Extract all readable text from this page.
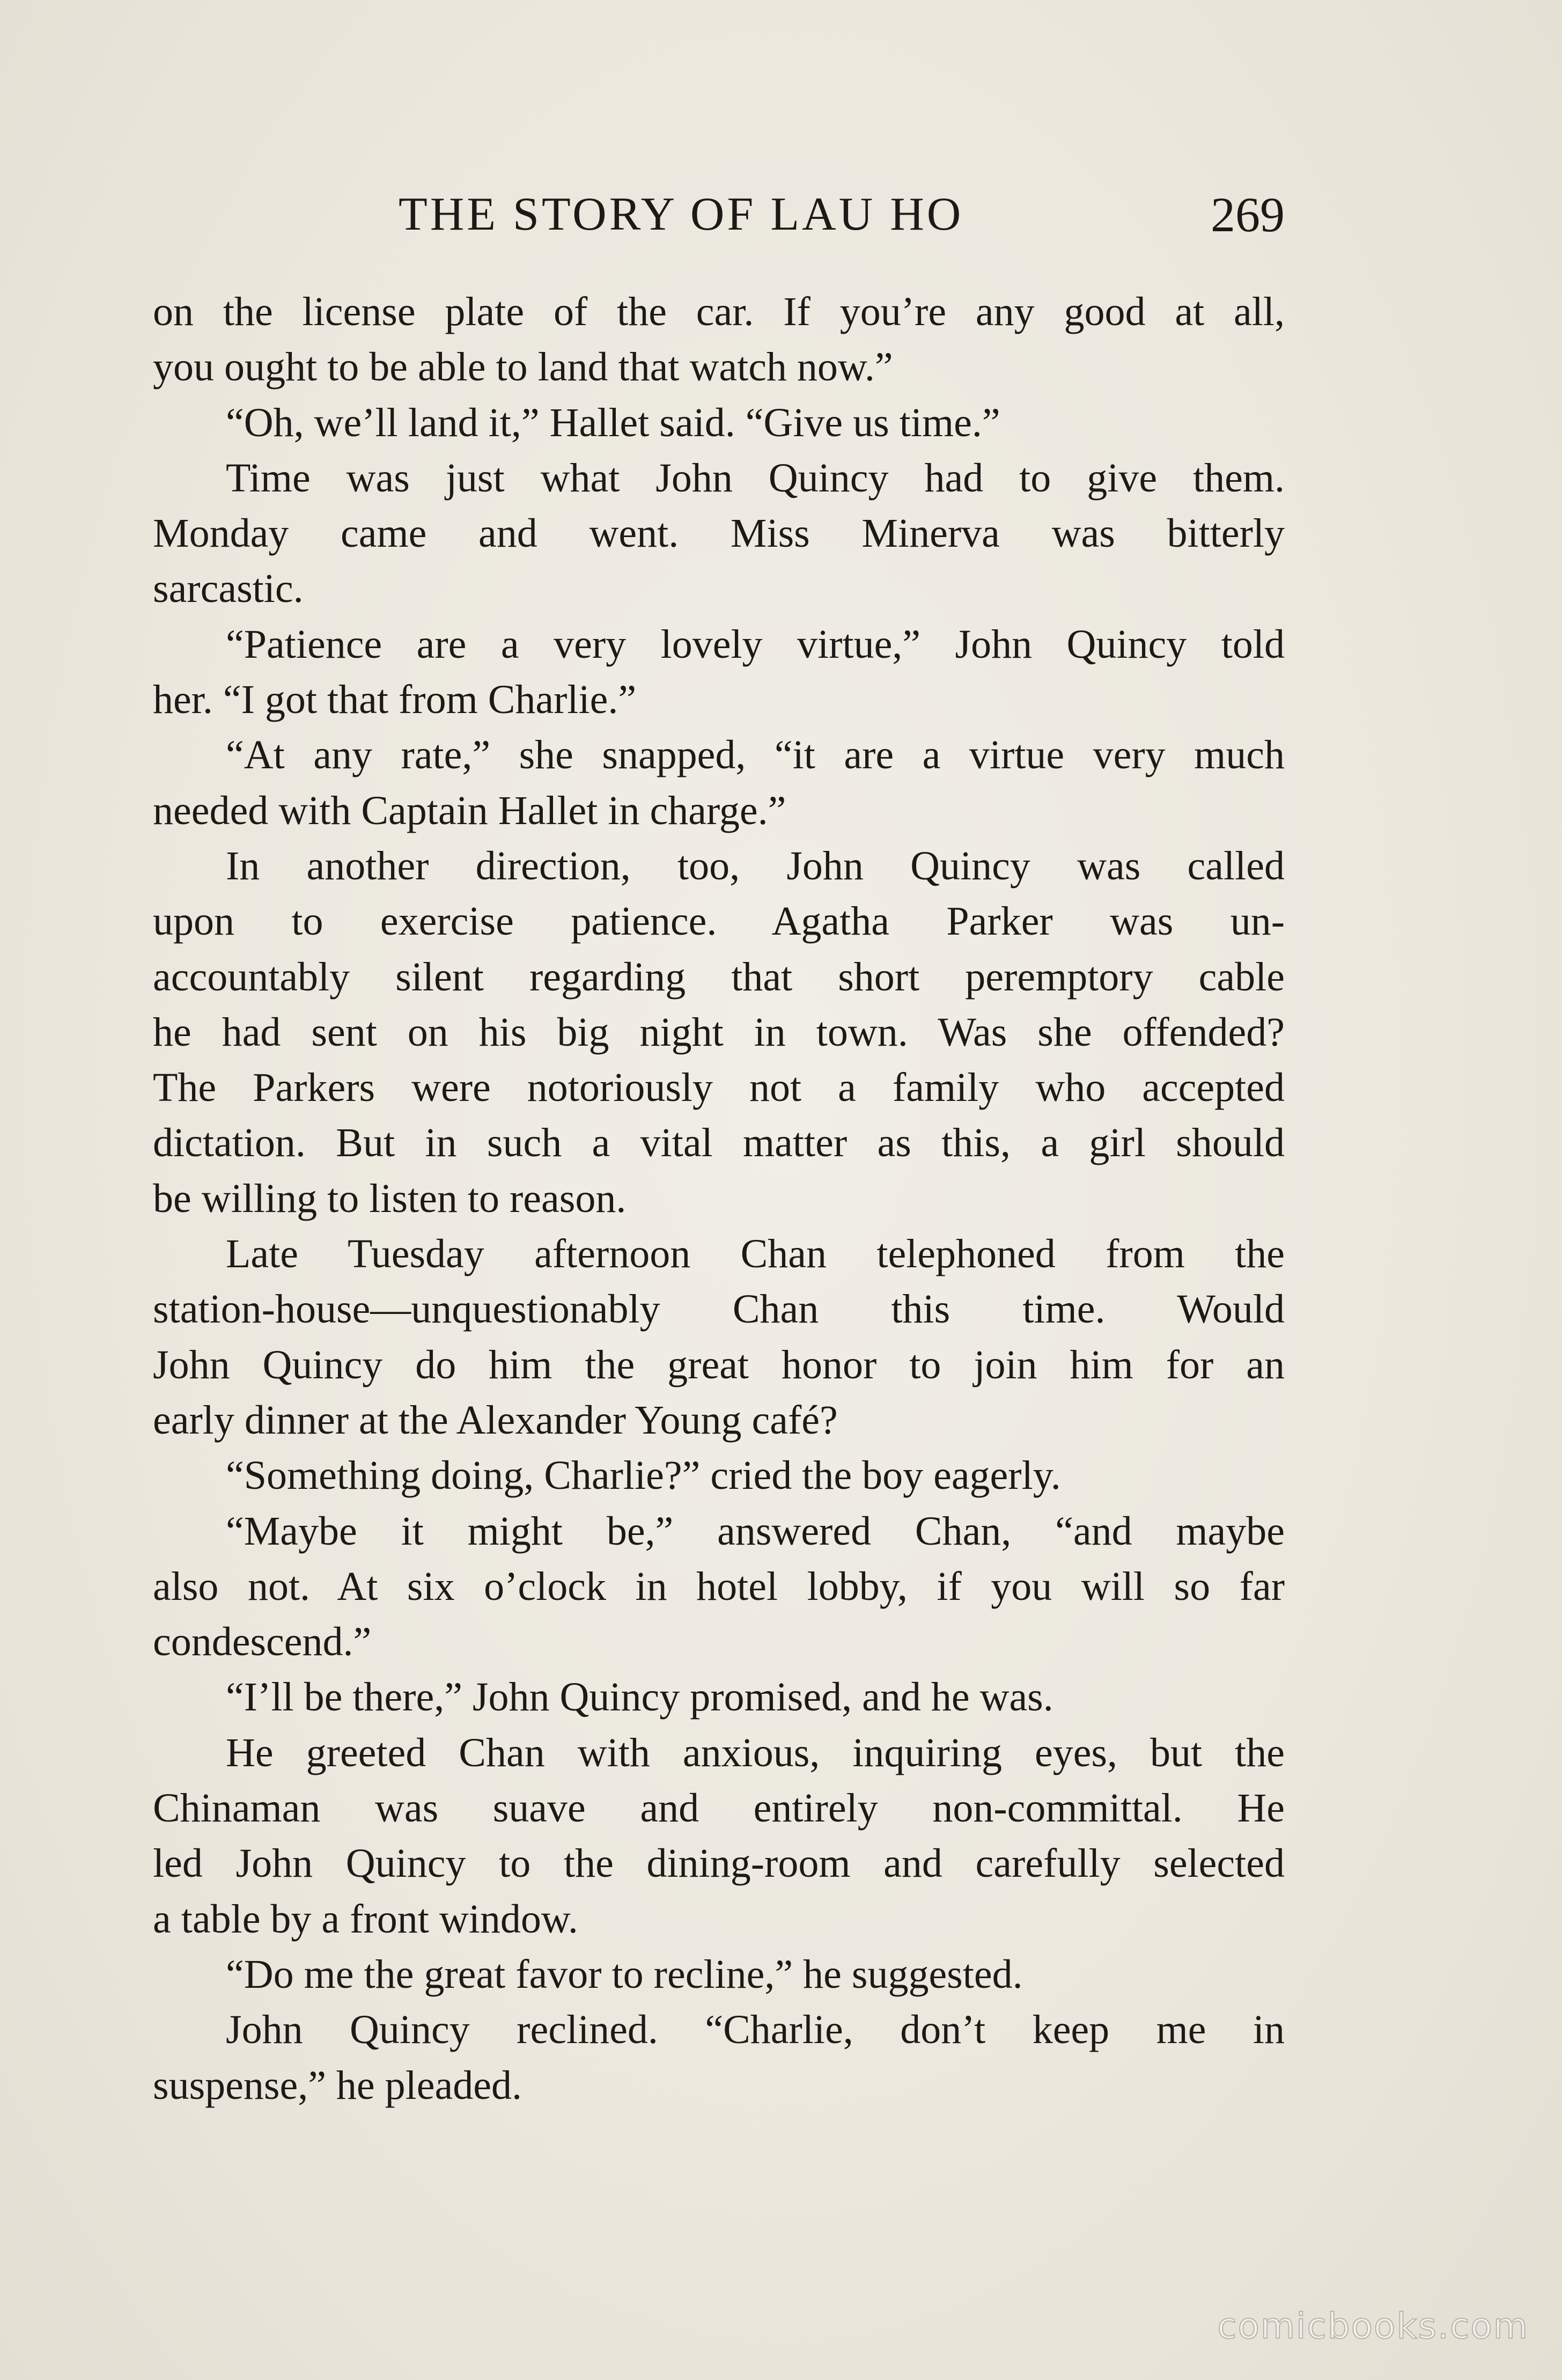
THE STORY OF LAU HO	269
on the license plate of the car. If you’re any good at all,
you ought to be able to land that watch now.”
“Oh, we’ll land it,” Hallet said. “Give us time.”
Time was just what John Quincy had to give them.
Monday came and went. Miss Minerva was bitterly
sarcastic.
“Patience are a very lovely virtue,” John Quincy told
her. “I got that from Charlie.”
“At any rate,” she snapped, “it are a virtue very much
needed with Captain Hallet in charge.”
In another direction, too, John Quincy was called
upon to exercise patience. Agatha Parker was un-
accountably silent regarding that short peremptory cable
he had sent on his big night in town. Was she offended?
The Parkers were notoriously not a family who accepted
dictation. But in such a vital matter as this, a girl should
be willing to listen to reason.
Late Tuesday afternoon Chan telephoned from the
station-house—unquestionably Chan this time. Would
John Quincy do him the great honor to join him for an
early dinner at the Alexander Young café?
“Something doing, Charlie?” cried the boy eagerly.
“Maybe it might be,” answered Chan, “and maybe
also not. At six o’clock in hotel lobby, if you will so far
condescend.”
“I’ll be there,” John Quincy promised, and he was.
He greeted Chan with anxious, inquiring eyes, but the
Chinaman was suave and entirely non-committal. He
led John Quincy to the dining-room and carefully selected
a table by a front window.
“Do me the great favor to recline,” he suggested.
John Quincy reclined. “Charlie, don’t keep me in
suspense,” he pleaded.
comicbooks.com
